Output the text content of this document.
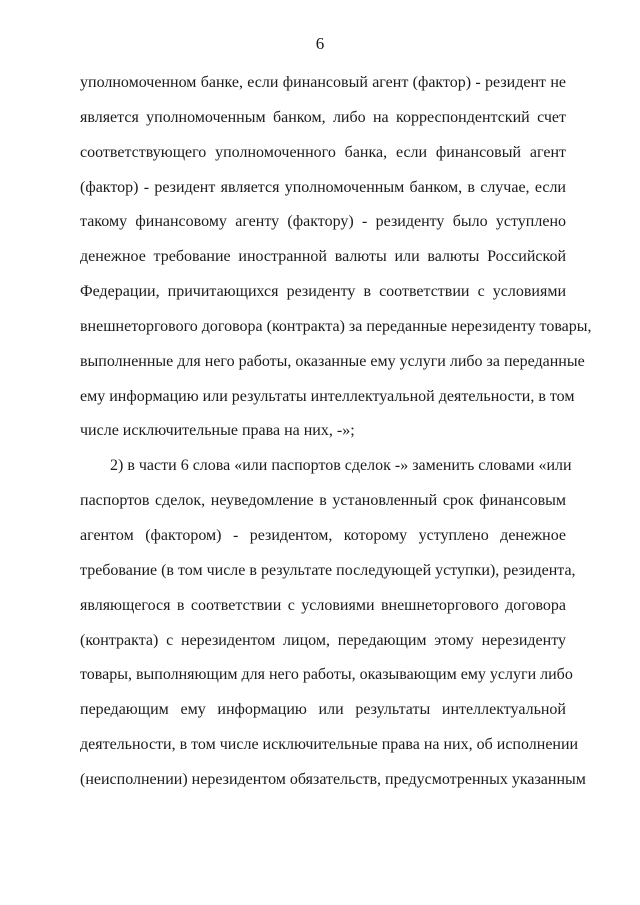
6
уполномоченном банке, если финансовый агент (фактор) - резидент не
является уполномоченным банком, либо на корреспондентский счет
соответствующего уполномоченного банка, если финансовый агент
(фактор) - резидент является уполномоченным банком, в случае, если
такому финансовому агенту (фактору) - резиденту было уступлено
денежное требование иностранной валюты или валюты Российской
Федерации, причитающихся резиденту в соответствии с условиями
внешнеторгового договора (контракта) за переданные нерезиденту товары,
выполненные для него работы, оказанные ему услуги либо за переданные
ему информацию или результаты интеллектуальной деятельности, в том
числе исключительные права на них, -»;
2) в части 6 слова «или паспортов сделок -» заменить словами «или
паспортов сделок, неуведомление в установленный срок финансовым
агентом (фактором) - резидентом, которому уступлено денежное
требование (в том числе в результате последующей уступки), резидента,
являющегося в соответствии с условиями внешнеторгового договора
(контракта) с нерезидентом лицом, передающим этому нерезиденту
товары, выполняющим для него работы, оказывающим ему услуги либо
передающим ему информацию или результаты интеллектуальной
деятельности, в том числе исключительные права на них, об исполнении
(неисполнении) нерезидентом обязательств, предусмотренных указанным
